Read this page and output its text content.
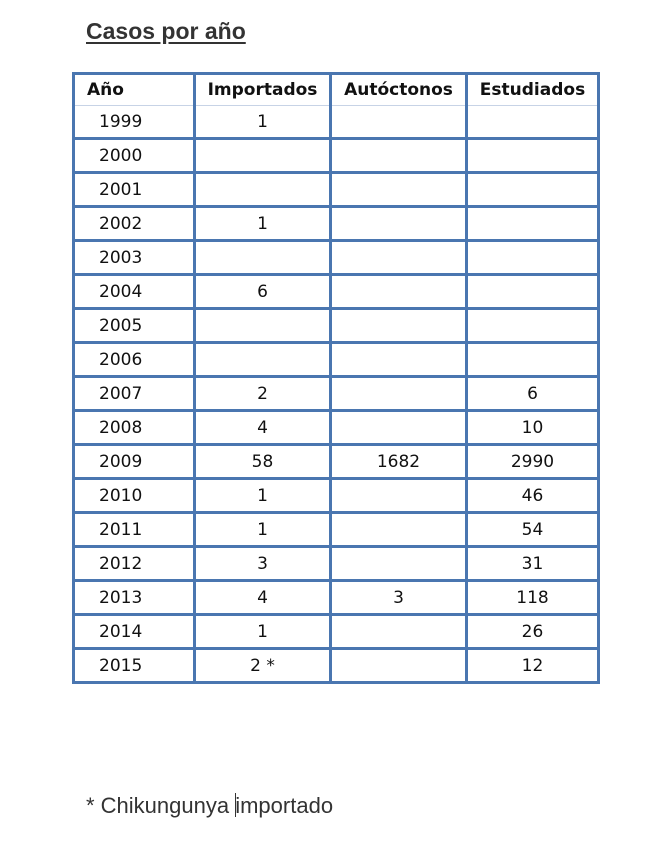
Casos por año
Año	Importados	Autóctonos	Estudiados
1999	1		
2000			
2001			
2002	1		
2003			
2004	6		
2005			
2006			
2007	2		6
2008	4		10
2009	58	1682	2990
2010	1		46
2011	1		54
2012	3		31
2013	4	3	118
2014	1		26
2015	2 *		12
* Chikungunya importado
